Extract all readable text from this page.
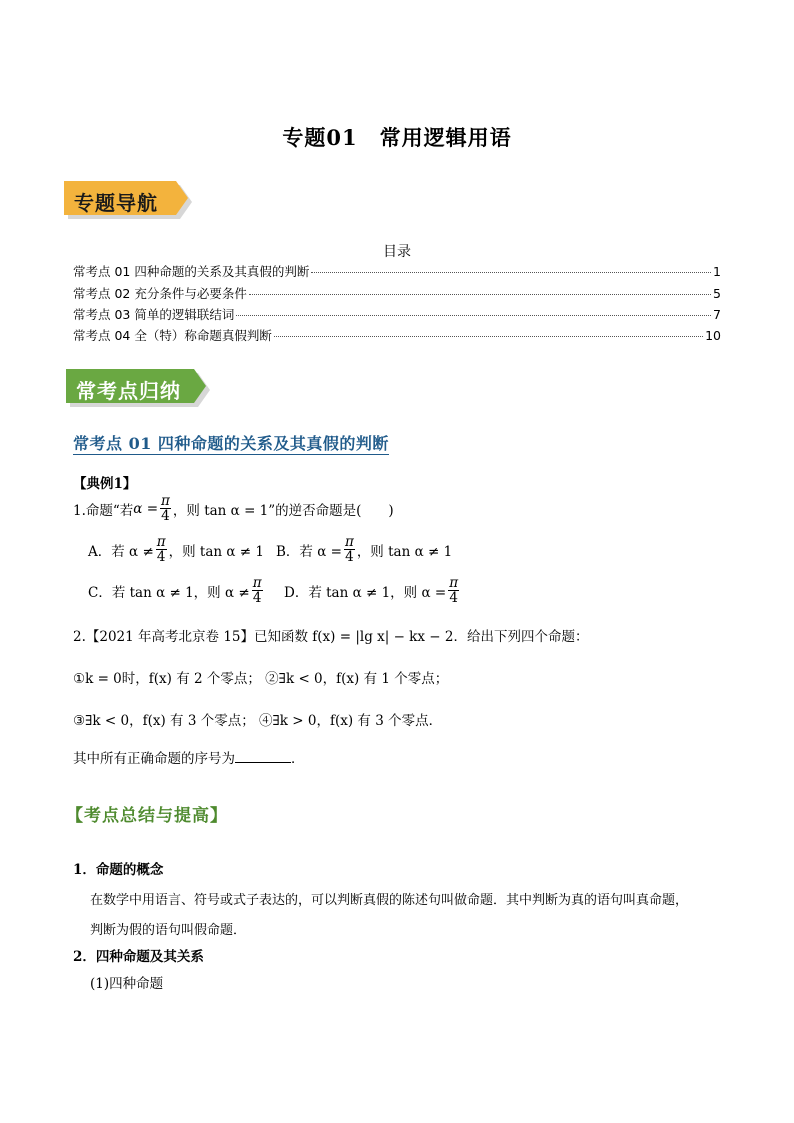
专题01　常用逻辑用语
专题导航
目录
常考点 01 四种命题的关系及其真假的判断	1
常考点 02 充分条件与必要条件	5
常考点 03 简单的逻辑联结词	7
常考点 04 全（特）称命题真假判断	10
常考点归纳
常考点 01 四种命题的关系及其真假的判断
【典例1】
1.命题“若 $\alpha = \frac{\pi}{4}$ ，则 tan α = 1”的逆否命题是(　　)
A．若 $\alpha \ne \frac{\pi}{4}$ ，则 tan α ≠ 1 B．若 $\alpha = \frac{\pi}{4}$ ，则 tan α ≠ 1
C．若 tan α ≠ 1，则 $\alpha \ne \frac{\pi}{4}$ D．若 tan α ≠ 1，则 $\alpha = \frac{\pi}{4}$
2.【2021 年高考北京卷 15】已知函数 f(x) = |lg x| − kx − 2．给出下列四个命题：
①k = 0时，f(x) 有 2 个零点； ②∃k < 0，f(x) 有 1 个零点；
③∃k < 0，f(x) 有 3 个零点； ④∃k > 0，f(x) 有 3 个零点．
其中所有正确命题的序号为	．
【考点总结与提高】
1．命题的概念
在数学中用语言、符号或式子表达的，可以判断真假的陈述句叫做命题．其中判断为真的语句叫真命题，
判断为假的语句叫假命题．
2．四种命题及其关系
(1)四种命题
